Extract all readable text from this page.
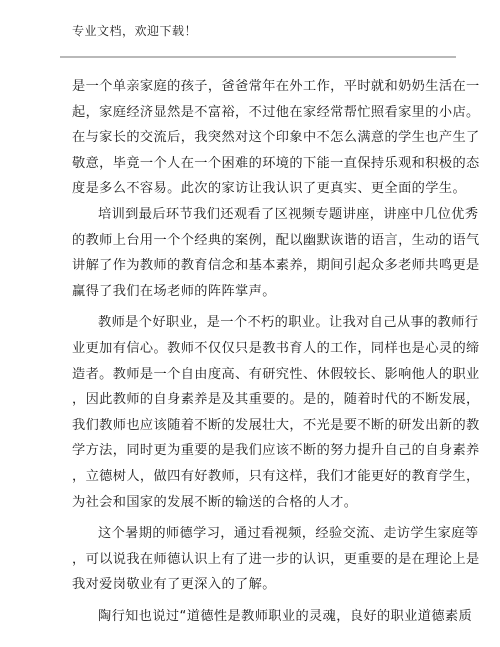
专业文档，欢迎下载！

是一个单亲家庭的孩子，爸爸常年在外工作，平时就和奶奶生活在一

起，家庭经济显然是不富裕，不过他在家经常帮忙照看家里的小店。

在与家长的交流后，我突然对这个印象中不怎么满意的学生也产生了

敬意，毕竟一个人在一个困难的环境的下能一直保持乐观和积极的态

度是多么不容易。此次的家访让我认识了更真实、更全面的学生。

培训到最后环节我们还观看了区视频专题讲座，讲座中几位优秀

的教师上台用一个个经典的案例，配以幽默诙谐的语言，生动的语气

讲解了作为教师的教育信念和基本素养，期间引起众多老师共鸣更是

赢得了我们在场老师的阵阵掌声。

教师是个好职业，是一个不朽的职业。让我对自己从事的教师行

业更加有信心。教师不仅仅只是教书育人的工作，同样也是心灵的缔

造者。教师是一个自由度高、有研究性、休假较长、影响他人的职业

，因此教师的自身素养是及其重要的。是的，随着时代的不断发展，

我们教师也应该随着不断的发展壮大，不光是要不断的研发出新的教

学方法，同时更为重要的是我们应该不断的努力提升自己的自身素养

，立德树人，做四有好教师，只有这样，我们才能更好的教育学生，

为社会和国家的发展不断的输送的合格的人才。

这个暑期的师德学习，通过看视频，经验交流、走访学生家庭等

，可以说我在师德认识上有了进一步的认识，更重要的是在理论上是

我对爱岗敬业有了更深入的了解。

陶行知也说过“道德性是教师职业的灵魂，良好的职业道德素质
